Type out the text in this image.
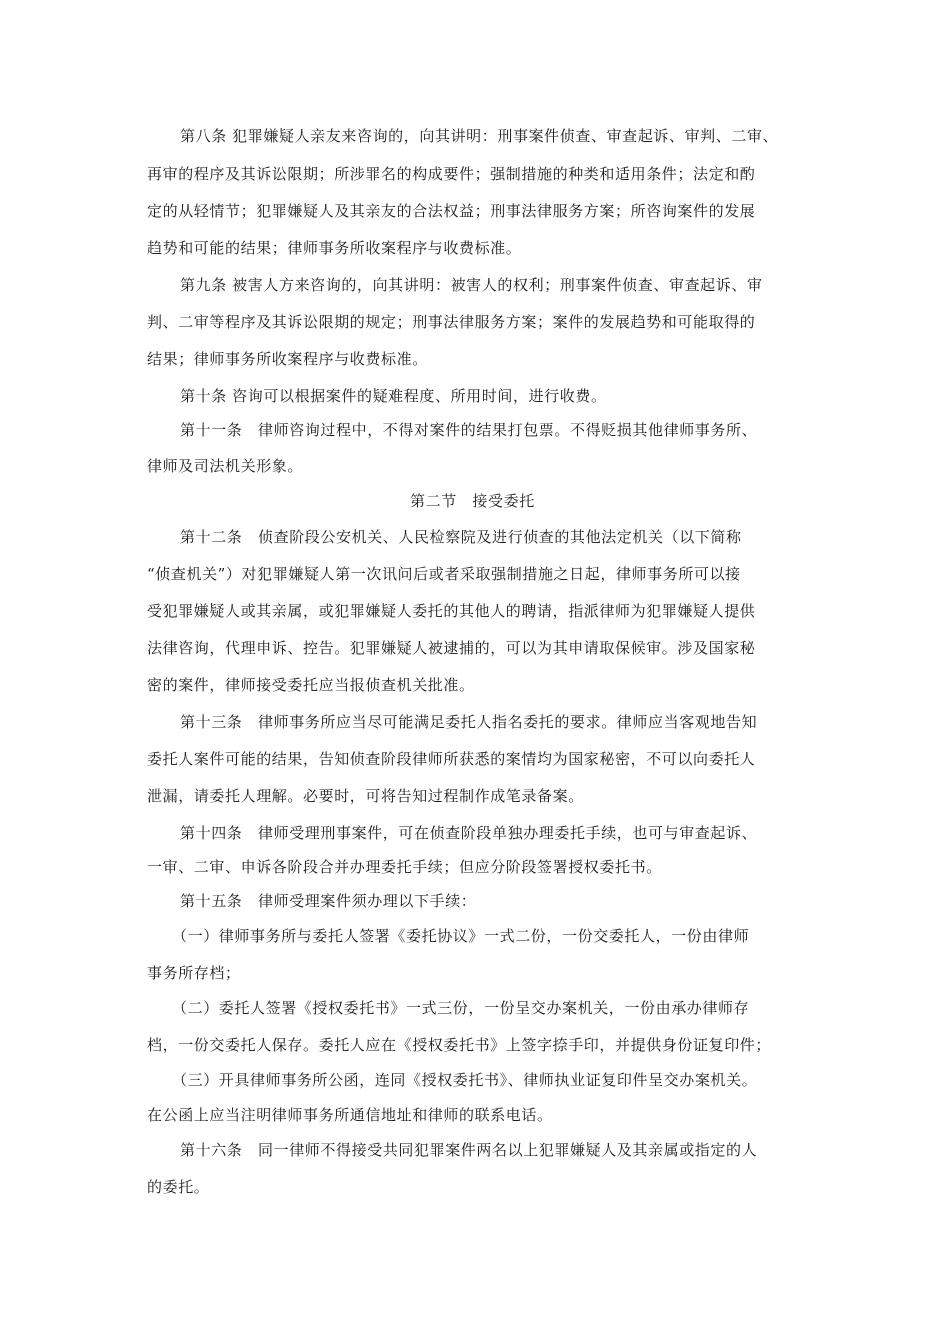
第八条 犯罪嫌疑人亲友来咨询的，向其讲明：刑事案件侦查、审查起诉、审判、二审、
再审的程序及其诉讼限期；所涉罪名的构成要件；强制措施的种类和适用条件；法定和酌
定的从轻情节；犯罪嫌疑人及其亲友的合法权益；刑事法律服务方案；所咨询案件的发展
趋势和可能的结果；律师事务所收案程序与收费标准。
第九条 被害人方来咨询的，向其讲明：被害人的权利；刑事案件侦查、审查起诉、审
判、二审等程序及其诉讼限期的规定；刑事法律服务方案；案件的发展趋势和可能取得的
结果；律师事务所收案程序与收费标准。
第十条 咨询可以根据案件的疑难程度、所用时间，进行收费。
第十一条　律师咨询过程中，不得对案件的结果打包票。不得贬损其他律师事务所、
律师及司法机关形象。
第二节　接受委托
第十二条　侦查阶段公安机关、人民检察院及进行侦查的其他法定机关（以下简称
“侦查机关”）对犯罪嫌疑人第一次讯问后或者采取强制措施之日起，律师事务所可以接
受犯罪嫌疑人或其亲属，或犯罪嫌疑人委托的其他人的聘请，指派律师为犯罪嫌疑人提供
法律咨询，代理申诉、控告。犯罪嫌疑人被逮捕的，可以为其申请取保候审。涉及国家秘
密的案件，律师接受委托应当报侦查机关批准。
第十三条　律师事务所应当尽可能满足委托人指名委托的要求。律师应当客观地告知
委托人案件可能的结果，告知侦查阶段律师所获悉的案情均为国家秘密，不可以向委托人
泄漏，请委托人理解。必要时，可将告知过程制作成笔录备案。
第十四条　律师受理刑事案件，可在侦查阶段单独办理委托手续，也可与审查起诉、
一审、二审、申诉各阶段合并办理委托手续；但应分阶段签署授权委托书。
第十五条　律师受理案件须办理以下手续：
（一）律师事务所与委托人签署《委托协议》一式二份，一份交委托人，一份由律师
事务所存档；
（二）委托人签署《授权委托书》一式三份，一份呈交办案机关，一份由承办律师存
档，一份交委托人保存。委托人应在《授权委托书》上签字捺手印，并提供身份证复印件；
（三）开具律师事务所公函，连同《授权委托书》、律师执业证复印件呈交办案机关。
在公函上应当注明律师事务所通信地址和律师的联系电话。
第十六条　同一律师不得接受共同犯罪案件两名以上犯罪嫌疑人及其亲属或指定的人
的委托。
